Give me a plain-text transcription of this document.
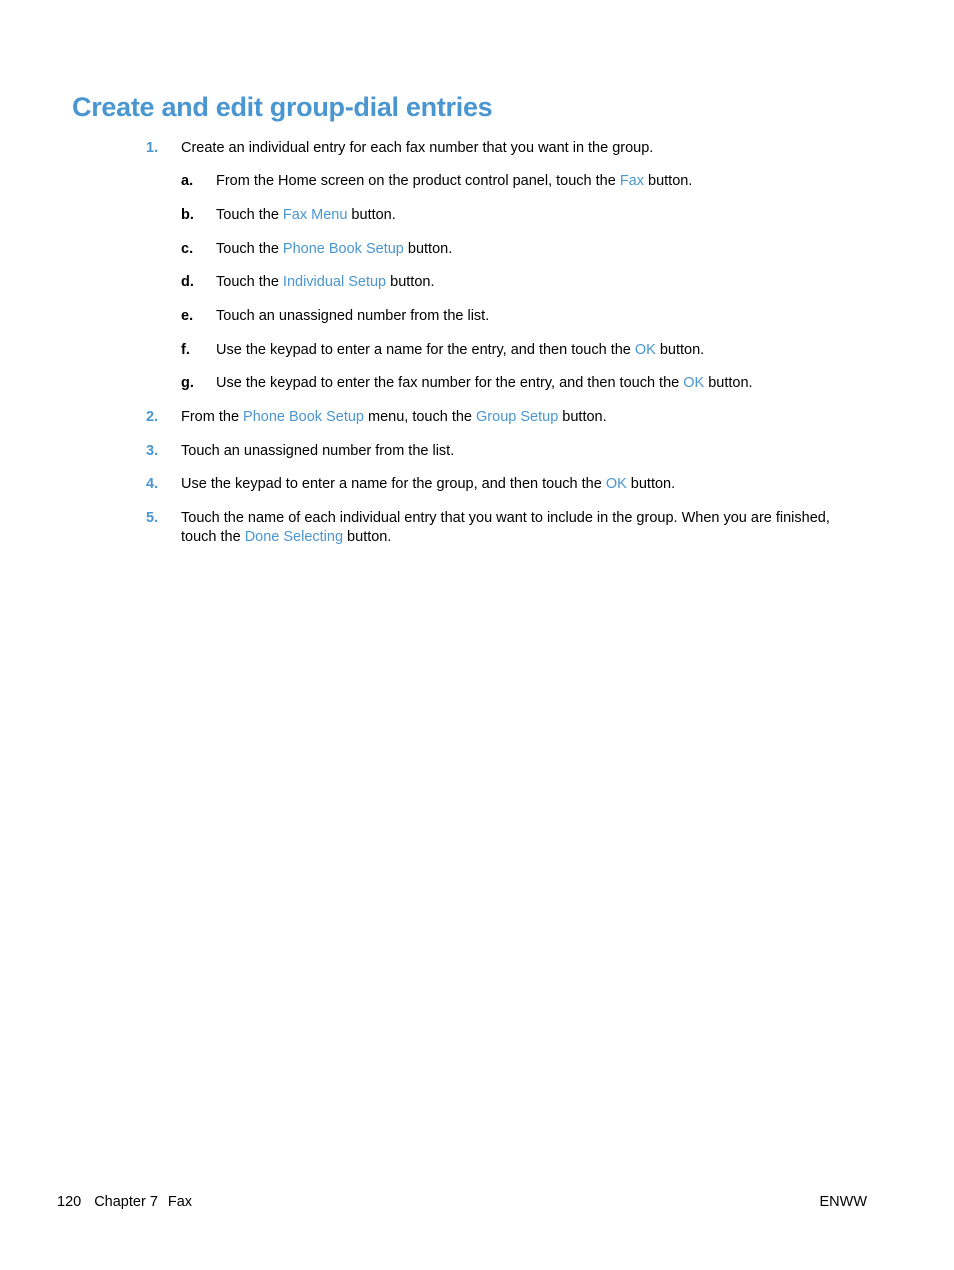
Create and edit group-dial entries
1. Create an individual entry for each fax number that you want in the group.
a. From the Home screen on the product control panel, touch the Fax button.
b. Touch the Fax Menu button.
c. Touch the Phone Book Setup button.
d. Touch the Individual Setup button.
e. Touch an unassigned number from the list.
f. Use the keypad to enter a name for the entry, and then touch the OK button.
g. Use the keypad to enter the fax number for the entry, and then touch the OK button.
2. From the Phone Book Setup menu, touch the Group Setup button.
3. Touch an unassigned number from the list.
4. Use the keypad to enter a name for the group, and then touch the OK button.
5. Touch the name of each individual entry that you want to include in the group. When you are finished,
touch the Done Selecting button.
120 Chapter 7 Fax	ENWW
